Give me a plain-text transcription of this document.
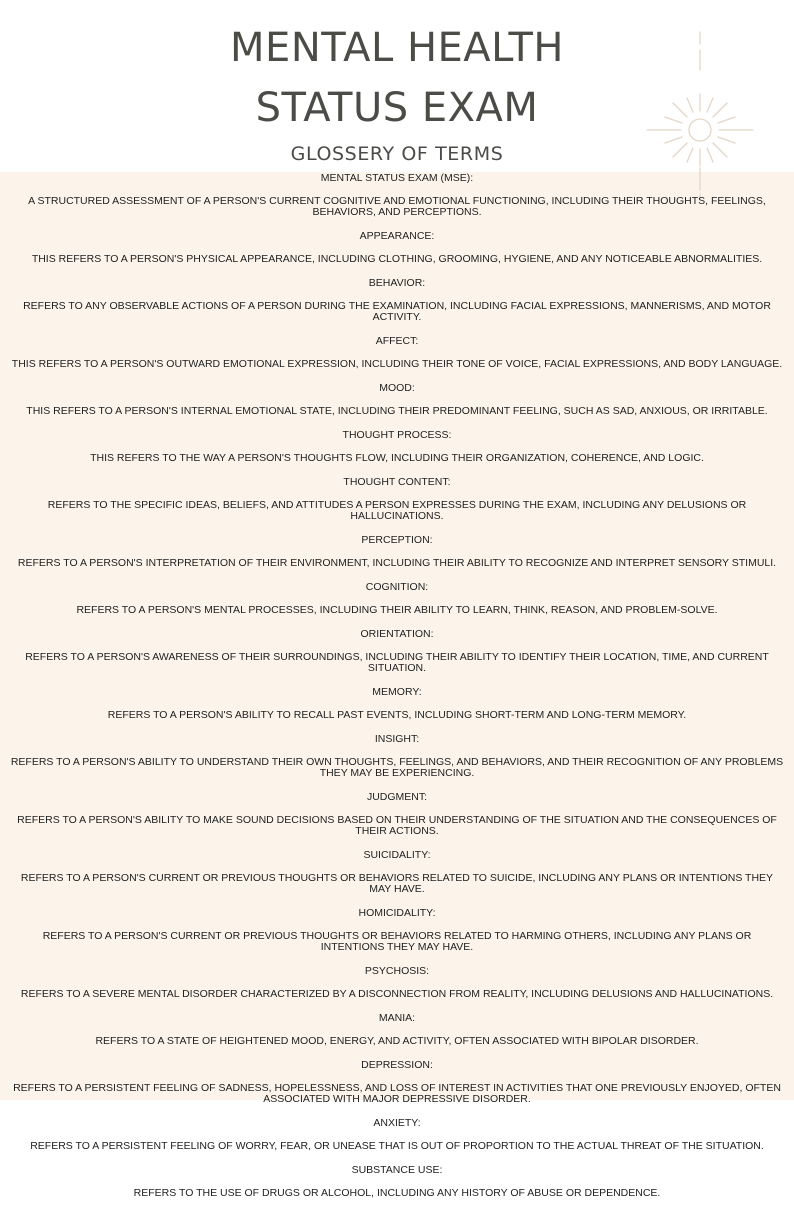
MENTAL HEALTH
STATUS EXAM
GLOSSERY OF TERMS

MENTAL STATUS EXAM (MSE):

A STRUCTURED ASSESSMENT OF A PERSON'S CURRENT COGNITIVE AND EMOTIONAL FUNCTIONING, INCLUDING THEIR THOUGHTS, FEELINGS, BEHAVIORS, AND PERCEPTIONS.

APPEARANCE:

THIS REFERS TO A PERSON'S PHYSICAL APPEARANCE, INCLUDING CLOTHING, GROOMING, HYGIENE, AND ANY NOTICEABLE ABNORMALITIES.

BEHAVIOR:

REFERS TO ANY OBSERVABLE ACTIONS OF A PERSON DURING THE EXAMINATION, INCLUDING FACIAL EXPRESSIONS, MANNERISMS, AND MOTOR ACTIVITY.

AFFECT:

THIS REFERS TO A PERSON'S OUTWARD EMOTIONAL EXPRESSION, INCLUDING THEIR TONE OF VOICE, FACIAL EXPRESSIONS, AND BODY LANGUAGE.

MOOD:

THIS REFERS TO A PERSON'S INTERNAL EMOTIONAL STATE, INCLUDING THEIR PREDOMINANT FEELING, SUCH AS SAD, ANXIOUS, OR IRRITABLE.

THOUGHT PROCESS:

THIS REFERS TO THE WAY A PERSON'S THOUGHTS FLOW, INCLUDING THEIR ORGANIZATION, COHERENCE, AND LOGIC.

THOUGHT CONTENT:

REFERS TO THE SPECIFIC IDEAS, BELIEFS, AND ATTITUDES A PERSON EXPRESSES DURING THE EXAM, INCLUDING ANY DELUSIONS OR HALLUCINATIONS.

PERCEPTION:

REFERS TO A PERSON'S INTERPRETATION OF THEIR ENVIRONMENT, INCLUDING THEIR ABILITY TO RECOGNIZE AND INTERPRET SENSORY STIMULI.

COGNITION:

REFERS TO A PERSON'S MENTAL PROCESSES, INCLUDING THEIR ABILITY TO LEARN, THINK, REASON, AND PROBLEM-SOLVE.

ORIENTATION:

REFERS TO A PERSON'S AWARENESS OF THEIR SURROUNDINGS, INCLUDING THEIR ABILITY TO IDENTIFY THEIR LOCATION, TIME, AND CURRENT SITUATION.

MEMORY:

REFERS TO A PERSON'S ABILITY TO RECALL PAST EVENTS, INCLUDING SHORT-TERM AND LONG-TERM MEMORY.

INSIGHT:

REFERS TO A PERSON'S ABILITY TO UNDERSTAND THEIR OWN THOUGHTS, FEELINGS, AND BEHAVIORS, AND THEIR RECOGNITION OF ANY PROBLEMS THEY MAY BE EXPERIENCING.

JUDGMENT:

REFERS TO A PERSON'S ABILITY TO MAKE SOUND DECISIONS BASED ON THEIR UNDERSTANDING OF THE SITUATION AND THE CONSEQUENCES OF THEIR ACTIONS.

SUICIDALITY:

REFERS TO A PERSON'S CURRENT OR PREVIOUS THOUGHTS OR BEHAVIORS RELATED TO SUICIDE, INCLUDING ANY PLANS OR INTENTIONS THEY MAY HAVE.

HOMICIDALITY:

REFERS TO A PERSON'S CURRENT OR PREVIOUS THOUGHTS OR BEHAVIORS RELATED TO HARMING OTHERS, INCLUDING ANY PLANS OR INTENTIONS THEY MAY HAVE.

PSYCHOSIS:

REFERS TO A SEVERE MENTAL DISORDER CHARACTERIZED BY A DISCONNECTION FROM REALITY, INCLUDING DELUSIONS AND HALLUCINATIONS.

MANIA:

REFERS TO A STATE OF HEIGHTENED MOOD, ENERGY, AND ACTIVITY, OFTEN ASSOCIATED WITH BIPOLAR DISORDER.

DEPRESSION:

REFERS TO A PERSISTENT FEELING OF SADNESS, HOPELESSNESS, AND LOSS OF INTEREST IN ACTIVITIES THAT ONE PREVIOUSLY ENJOYED, OFTEN ASSOCIATED WITH MAJOR DEPRESSIVE DISORDER.

ANXIETY:

REFERS TO A PERSISTENT FEELING OF WORRY, FEAR, OR UNEASE THAT IS OUT OF PROPORTION TO THE ACTUAL THREAT OF THE SITUATION.

SUBSTANCE USE:

REFERS TO THE USE OF DRUGS OR ALCOHOL, INCLUDING ANY HISTORY OF ABUSE OR DEPENDENCE.
